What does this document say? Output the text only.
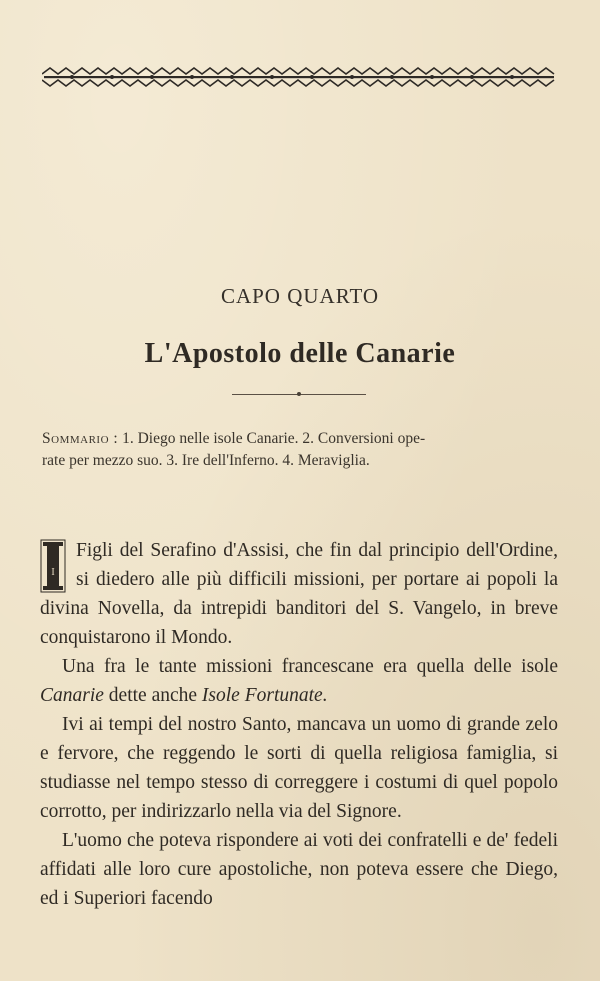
CAPO QUARTO
L'Apostolo delle Canarie
Sommario : 1. Diego nelle isole Canarie. 2. Conversioni ope-
rate per mezzo suo. 3. Ire dell'Inferno. 4. Meraviglia.

I
Figli del Serafino d'Assisi, che fin dal principio dell'Ordine, si diedero alle più difficili missioni, per portare ai popoli la divina Novella, da intrepidi banditori del S. Vangelo, in breve conquistarono il Mondo.

Una fra le tante missioni francescane era quella delle isole Canarie dette anche Isole Fortunate.

Ivi ai tempi del nostro Santo, mancava un uomo di grande zelo e fervore, che reggendo le sorti di quella religiosa famiglia, si studiasse nel tempo stesso di correggere i costumi di quel popolo corrotto, per indirizzarlo nella via del Signore.

L'uomo che poteva rispondere ai voti dei confratelli e de' fedeli affidati alle loro cure apostoliche, non poteva essere che Diego, ed i Superiori facendo
